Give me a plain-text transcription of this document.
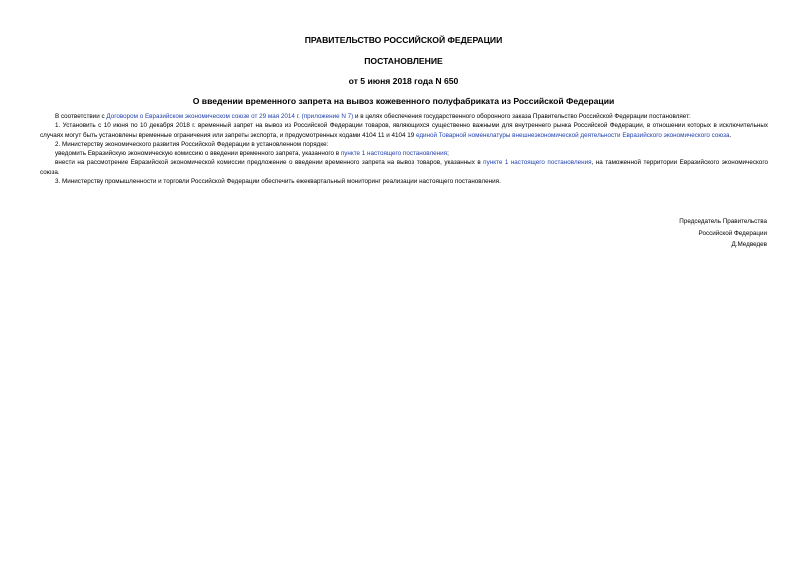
ПРАВИТЕЛЬСТВО РОССИЙСКОЙ ФЕДЕРАЦИИ
ПОСТАНОВЛЕНИЕ
от 5 июня 2018 года N 650
О введении временного запрета на вывоз кожевенного полуфабриката из Российской Федерации

В соответствии с Договором о Евразийском экономическом союзе от 29 мая 2014 г. (приложение N 7) и в целях обеспечения государственного оборонного заказа Правительство Российской Федерации постановляет:

1. Установить с 10 июня по 10 декабря 2018 г. временный запрет на вывоз из Российской Федерации товаров, являющихся существенно важными для внутреннего рынка Российской Федерации, в отношении которых в исключительных случаях могут быть установлены временные ограничения или запреты экспорта, и предусмотренных кодами 4104 11 и 4104 19 единой Товарной номенклатуры внешнеэкономической деятельности Евразийского экономического союза.

2. Министерству экономического развития Российской Федерации в установленном порядке:

уведомить Евразийскую экономическую комиссию о введении временного запрета, указанного в пункте 1 настоящего постановления;

внести на рассмотрение Евразийской экономической комиссии предложение о введении временного запрета на вывоз товаров, указанных в пункте 1 настоящего постановления, на таможенной территории Евразийского экономического союза.

3. Министерству промышленности и торговли Российской Федерации обеспечить ежеквартальный мониторинг реализации настоящего постановления.

Председатель Правительства
Российской Федерации
Д.Медведев
